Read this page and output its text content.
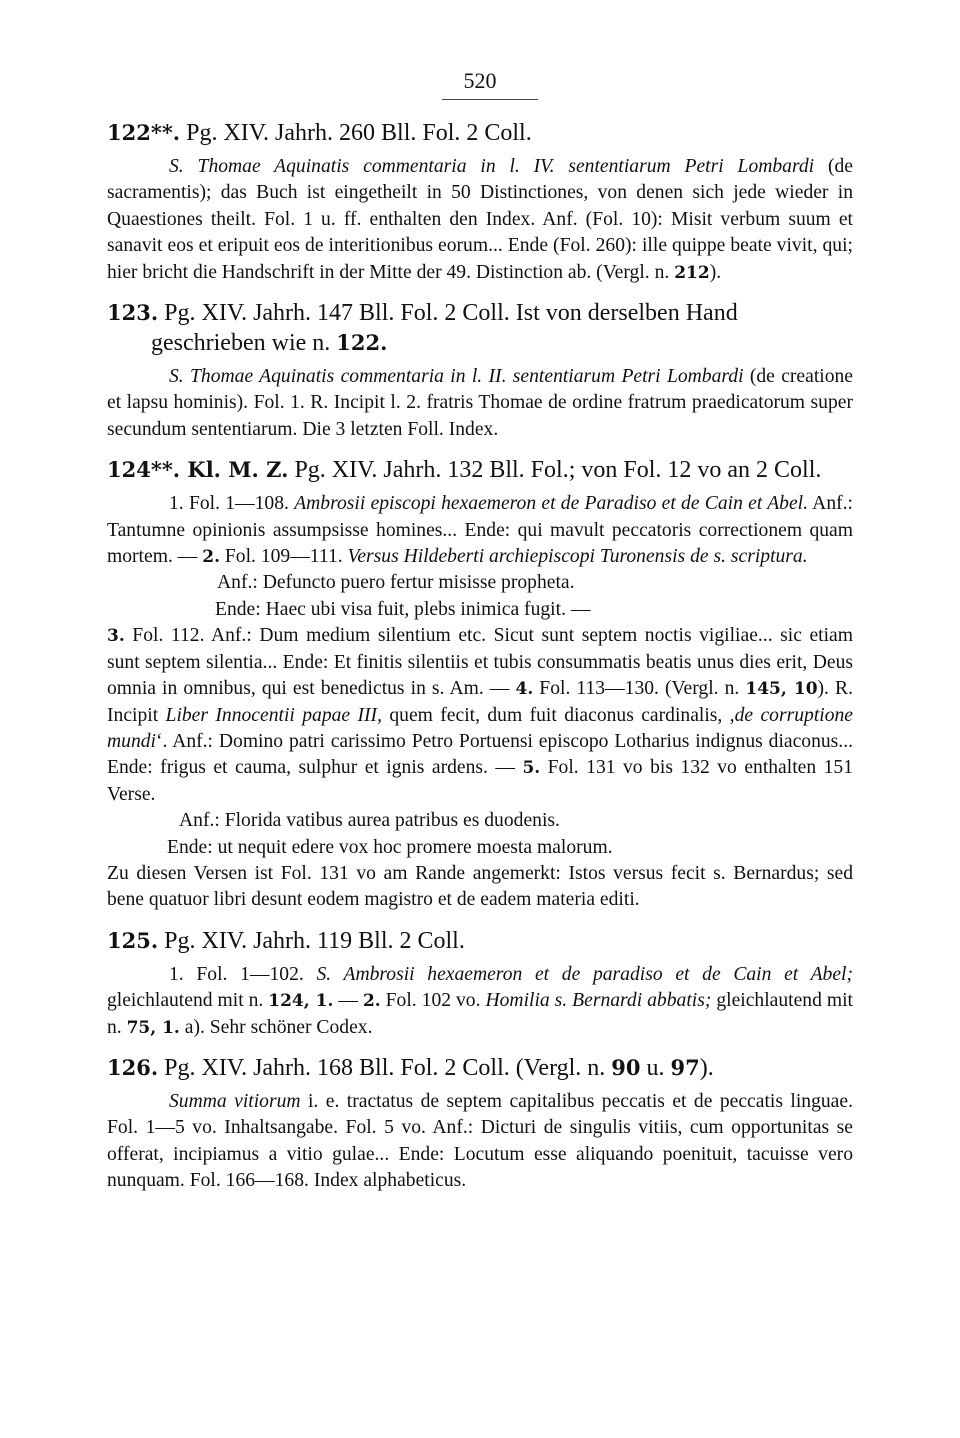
520
122**. Pg. XIV. Jahrh. 260 Bll. Fol. 2 Coll.

S. Thomae Aquinatis commentaria in l. IV. sententiarum Petri Lombardi (de sacramentis); das Buch ist eingetheilt in 50 Distinctiones, von denen sich jede wieder in Quaestiones theilt. Fol. 1 u. ff. enthalten den Index. Anf. (Fol. 10): Misit verbum suum et sanavit eos et eripuit eos de interitionibus eorum... Ende (Fol. 260): ille quippe beate vivit, qui; hier bricht die Handschrift in der Mitte der 49. Distinction ab. (Vergl. n. 212).

123. Pg. XIV. Jahrh. 147 Bll. Fol. 2 Coll. Ist von derselben Hand geschrieben wie n. 122.

S. Thomae Aquinatis commentaria in l. II. sententiarum Petri Lombardi (de creatione et lapsu hominis). Fol. 1. R. Incipit l. 2. fratris Thomae de ordine fratrum praedicatorum super secundum sententiarum. Die 3 letzten Foll. Index.

124**. Kl. M. Z. Pg. XIV. Jahrh. 132 Bll. Fol.; von Fol. 12 vo an 2 Coll.

1. Fol. 1—108. Ambrosii episcopi hexaemeron et de Paradiso et de Cain et Abel. Anf.: Tantumne opinionis assumpsisse homines... Ende: qui mavult peccatoris correctionem quam mortem. — 2. Fol. 109—111. Versus Hildeberti archiepiscopi Turonensis de s. scriptura.

Anf.: Defuncto puero fertur misisse propheta.

Ende: Haec ubi visa fuit, plebs inimica fugit. —

3. Fol. 112. Anf.: Dum medium silentium etc. Sicut sunt septem noctis vigiliae... sic etiam sunt septem silentia... Ende: Et finitis silentiis et tubis consummatis beatis unus dies erit, Deus omnia in omnibus, qui est benedictus in s. Am. — 4. Fol. 113—130. (Vergl. n. 145, 10). R. Incipit Liber Innocentii papae III, quem fecit, dum fuit diaconus cardinalis, ,de corruptione mundi‘. Anf.: Domino patri carissimo Petro Portuensi episcopo Lotharius indignus diaconus... Ende: frigus et cauma, sulphur et ignis ardens. — 5. Fol. 131 vo bis 132 vo enthalten 151 Verse.

Anf.: Florida vatibus aurea patribus es duodenis.

Ende: ut nequit edere vox hoc promere moesta malorum.

Zu diesen Versen ist Fol. 131 vo am Rande angemerkt: Istos versus fecit s. Bernardus; sed bene quatuor libri desunt eodem magistro et de eadem materia editi.

125. Pg. XIV. Jahrh. 119 Bll. 2 Coll.

1. Fol. 1—102. S. Ambrosii hexaemeron et de paradiso et de Cain et Abel; gleichlautend mit n. 124, 1. — 2. Fol. 102 vo. Homilia s. Bernardi abbatis; gleichlautend mit n. 75, 1. a). Sehr schöner Codex.

126. Pg. XIV. Jahrh. 168 Bll. Fol. 2 Coll. (Vergl. n. 90 u. 97).

Summa vitiorum i. e. tractatus de septem capitalibus peccatis et de peccatis linguae. Fol. 1—5 vo. Inhaltsangabe. Fol. 5 vo. Anf.: Dicturi de singulis vitiis, cum opportunitas se offerat, incipiamus a vitio gulae... Ende: Locutum esse aliquando poenituit, tacuisse vero nunquam. Fol. 166—168. Index alphabeticus.
